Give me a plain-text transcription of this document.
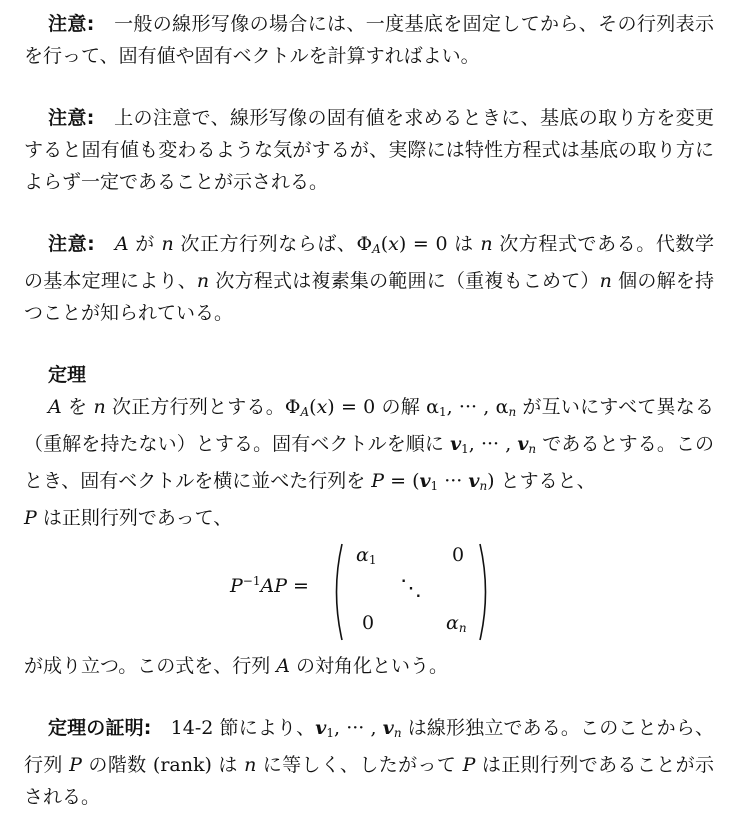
注意:　 一般の線形写像の場合には、一度基底を固定してから、その行列表示を行って、固有値や固有ベクトルを計算すればよい。

注意:　 上の注意で、線形写像の固有値を求めるときに、基底の取り方を変更すると固有値も変わるような気がするが、実際には特性方程式は基底の取り方によらず一定であることが示される。

注意:　 A が n 次正方行列ならば、$\Phi_A(x) = 0$ は n 次方程式である。代数学の基本定理により、n 次方程式は複素集の範囲に（重複もこめて）n 個の解を持つことが知られている。

定理

A を n 次正方行列とする。$\Phi_A(x) = 0$ の解 $\alpha_1$, ··· , $\alpha_n$ が互いにすべて異なる（重解を持たない）とする。固有ベクトルを順に $v_1$, ··· , $v_n$ であるとする。このとき、固有ベクトルを横に並べた行列を $P = (v_1$ ··· $v_n$) とすると、
P は正則行列であって、

$P^{-1}AP$ =
$\alpha_1$	0
⋱
0	$\alpha_n$

が成り立つ。この式を、行列 A の対角化という。

定理の証明:　 14-2 節により、$v_1$, ··· , $v_n$ は線形独立である。このことから、行列 P の階数 (rank) は n に等しく、したがって P は正則行列であることが示される。
